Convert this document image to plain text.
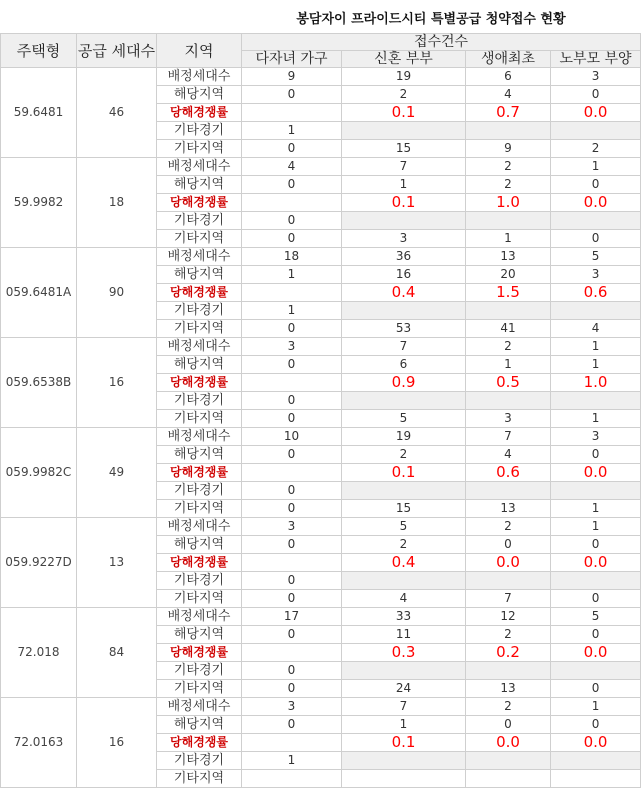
봉담자이 프라이드시티 특별공급 청약접수 현황
주택형	공급 세대수	지역	접수건수			
			다자녀 가구	신혼 부부	생애최초	노부모 부양
59.6481	46	배정세대수	9	19	6	3
		해당지역	0	2	4	0
		당해경쟁률		0.1	0.7	0.0
		기타경기	1			
		기타지역	0	15	9	2
59.9982	18	배정세대수	4	7	2	1
		해당지역	0	1	2	0
		당해경쟁률		0.1	1.0	0.0
		기타경기	0			
		기타지역	0	3	1	0
059.6481A	90	배정세대수	18	36	13	5
		해당지역	1	16	20	3
		당해경쟁률		0.4	1.5	0.6
		기타경기	1			
		기타지역	0	53	41	4
059.6538B	16	배정세대수	3	7	2	1
		해당지역	0	6	1	1
		당해경쟁률		0.9	0.5	1.0
		기타경기	0			
		기타지역	0	5	3	1
059.9982C	49	배정세대수	10	19	7	3
		해당지역	0	2	4	0
		당해경쟁률		0.1	0.6	0.0
		기타경기	0			
		기타지역	0	15	13	1
059.9227D	13	배정세대수	3	5	2	1
		해당지역	0	2	0	0
		당해경쟁률		0.4	0.0	0.0
		기타경기	0			
		기타지역	0	4	7	0
72.018	84	배정세대수	17	33	12	5
		해당지역	0	11	2	0
		당해경쟁률		0.3	0.2	0.0
		기타경기	0			
		기타지역	0	24	13	0
72.0163	16	배정세대수	3	7	2	1
		해당지역	0	1	0	0
		당해경쟁률		0.1	0.0	0.0
		기타경기	1			
		기타지역				
